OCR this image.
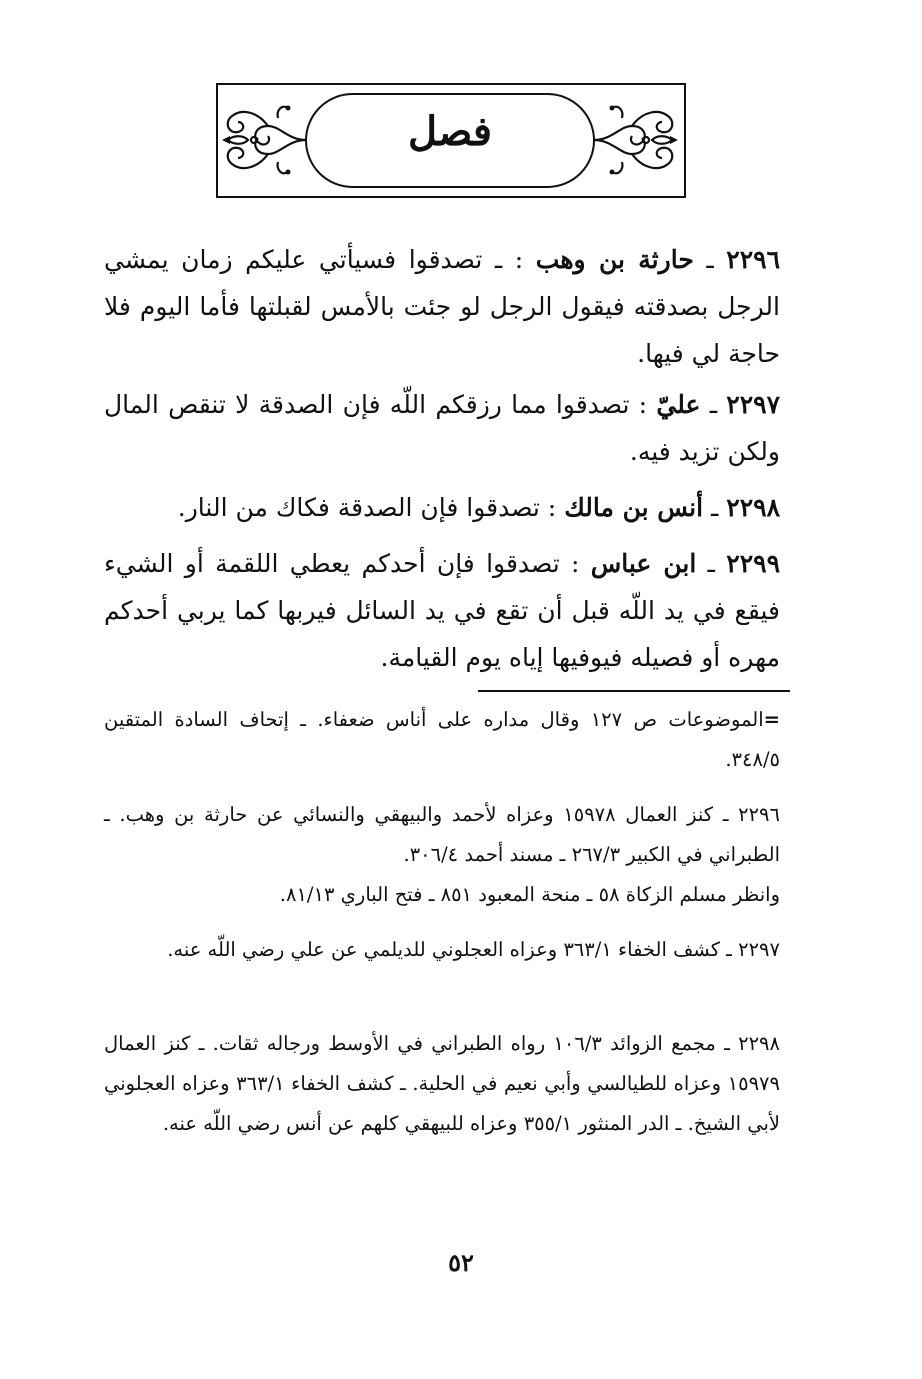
فصل

٢٢٩٦ ـ حارثة بن وهب : ـ تصدقوا فسيأتي عليكم زمان يمشي الرجل بصدقته فيقول الرجل لو جئت بالأمس لقبلتها فأما اليوم فلا حاجة لي فيها.

٢٢٩٧ ـ عليّ : تصدقوا مما رزقكم اللّه فإن الصدقة لا تنقص المال ولكن تزيد فيه.

٢٢٩٨ ـ أنس بن مالك : تصدقوا فإن الصدقة فكاك من النار.

٢٢٩٩ ـ ابن عباس : تصدقوا فإن أحدكم يعطي اللقمة أو الشيء فيقع في يد اللّه قبل أن تقع في يد السائل فيربها كما يربي أحدكم مهره أو فصيله فيوفيها إياه يوم القيامة.

=الموضوعات ص ١٢٧ وقال مداره على أناس ضعفاء. ـ إتحاف السادة المتقين ٣٤٨/٥.

٢٢٩٦ ـ كنز العمال ١٥٩٧٨ وعزاه لأحمد والبيهقي والنسائي عن حارثة بن وهب. ـ الطبراني في الكبير ٢٦٧/٣ ـ مسند أحمد ٣٠٦/٤.

وانظر مسلم الزكاة ٥٨ ـ منحة المعبود ٨٥١ ـ فتح الباري ٨١/١٣.

٢٢٩٧ ـ كشف الخفاء ٣٦٣/١ وعزاه العجلوني للديلمي عن علي رضي اللّه عنه.

٢٢٩٨ ـ مجمع الزوائد ١٠٦/٣ رواه الطبراني في الأوسط ورجاله ثقات. ـ كنز العمال ١٥٩٧٩ وعزاه للطيالسي وأبي نعيم في الحلية. ـ كشف الخفاء ٣٦٣/١ وعزاه العجلوني لأبي الشيخ. ـ الدر المنثور ٣٥٥/١ وعزاه للبيهقي كلهم عن أنس رضي اللّه عنه.

٥٢
